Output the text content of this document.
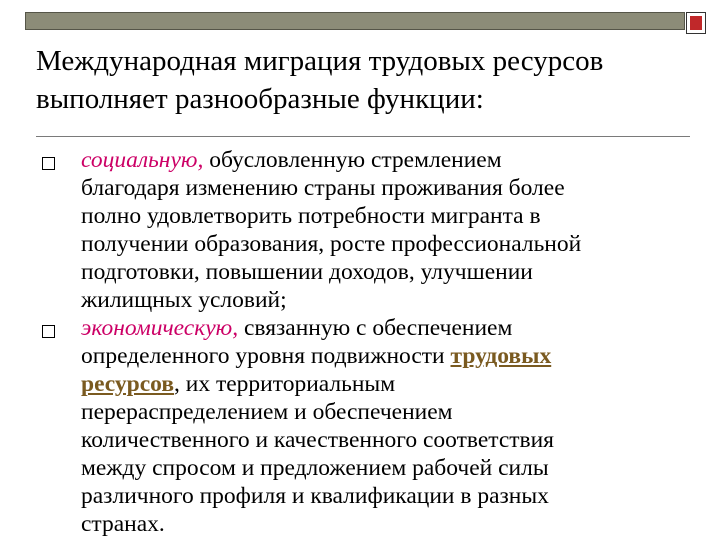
Международная миграция трудовых ресурсов
выполняет разнообразные функции:
социальную, обусловленную стремлением
благодаря изменению страны проживания более
полно удовлетворить потребности мигранта в
получении образования, росте профессиональной
подготовки, повышении доходов, улучшении
жилищных условий;
экономическую, связанную с обеспечением
определенного уровня подвижности трудовых
ресурсов, их территориальным
перераспределением и обеспечением
количественного и качественного соответствия
между спросом и предложением рабочей силы
различного профиля и квалификации в разных
странах.
